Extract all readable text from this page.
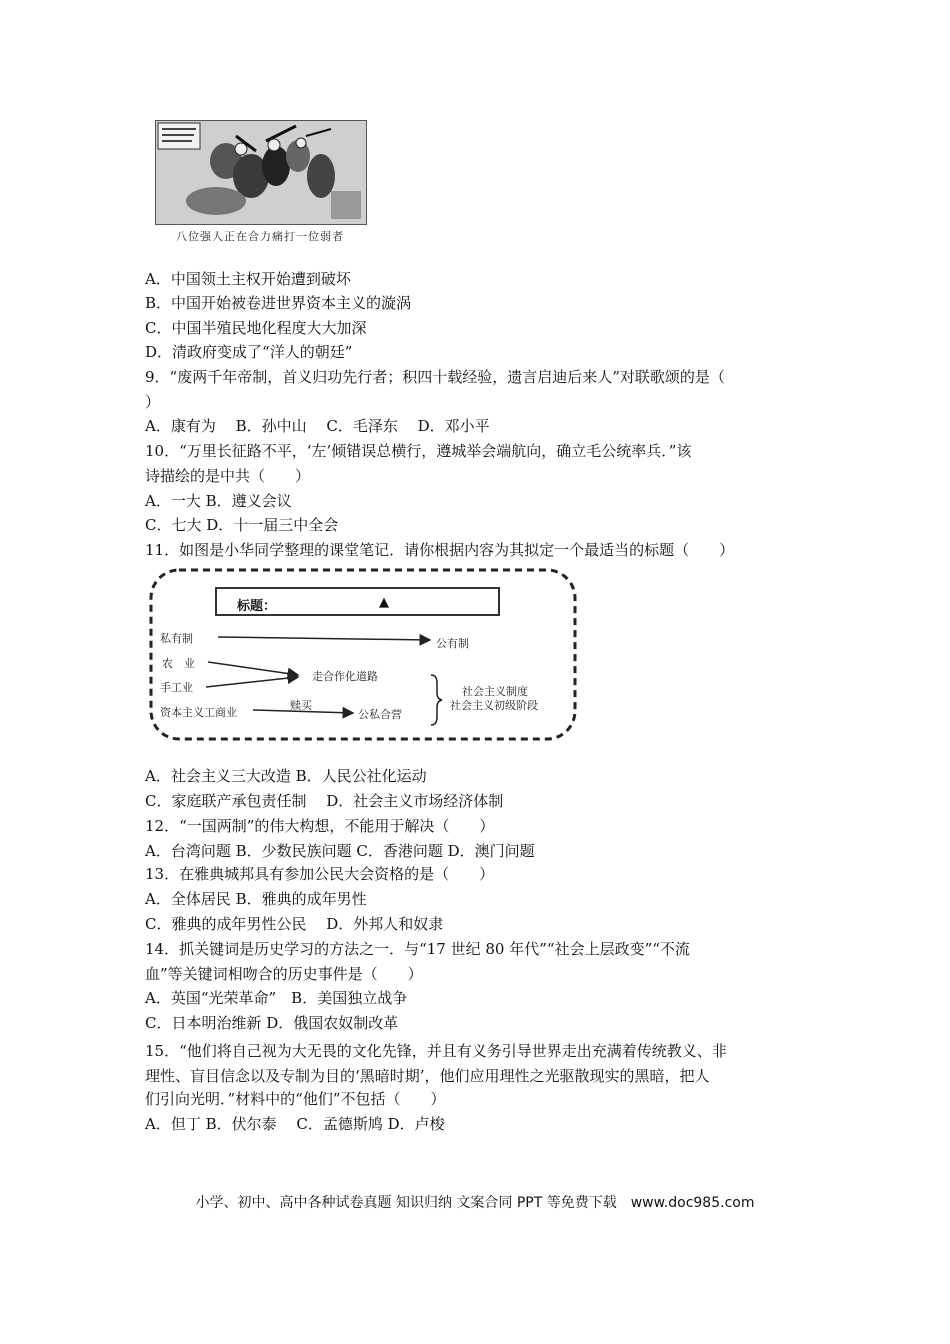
八位强人正在合力痛打一位弱者
A．中国领土主权开始遭到破坏
B．中国开始被卷进世界资本主义的漩涡
C．中国半殖民地化程度大大加深
D．清政府变成了“洋人的朝廷”
9．“废两千年帝制，首义归功先行者；积四十载经验，遗言启迪后来人”对联歌颂的是（
）
A．康有为　 B．孙中山　 C．毛泽东　 D．邓小平
10．“万里长征路不平，‘左’倾错误总横行，遵城举会端航向，确立毛公统率兵．”该
诗描绘的是中共（　　）
A．一大 B．遵义会议
C．七大 D．十一届三中全会
11．如图是小华同学整理的课堂笔记．请你根据内容为其拟定一个最适当的标题（　　）
标题：	▲
私有制	公有制
农　业
手工业
走合作化道路
资本主义工商业
赎买
公私合营
社会主义制度
社会主义初级阶段
A．社会主义三大改造 B．人民公社化运动
C．家庭联产承包责任制　 D．社会主义市场经济体制
12．“一国两制”的伟大构想，不能用于解决（　　）
A．台湾问题 B．少数民族问题 C．香港问题 D．澳门问题
13．在雅典城邦具有参加公民大会资格的是（　　）
A．全体居民 B．雅典的成年男性
C．雅典的成年男性公民　 D．外邦人和奴隶
14．抓关键词是历史学习的方法之一．与“17 世纪 80 年代”“社会上层政变”“不流
血”等关键词相吻合的历史事件是（　　）
A．英国“光荣革命”　B．美国独立战争
C．日本明治维新 D．俄国农奴制改革
15．“他们将自己视为大无畏的文化先锋，并且有义务引导世界走出充满着传统教义、非
理性、盲目信念以及专制为目的‘黑暗时期’，他们应用理性之光驱散现实的黑暗，把人
们引向光明．”材料中的“他们”不包括（　　）
A．但丁 B．伏尔泰　 C．孟德斯鸠 D．卢梭
小学、初中、高中各种试卷真题 知识归纳 文案合同 PPT 等免费下载　www.doc985.com
